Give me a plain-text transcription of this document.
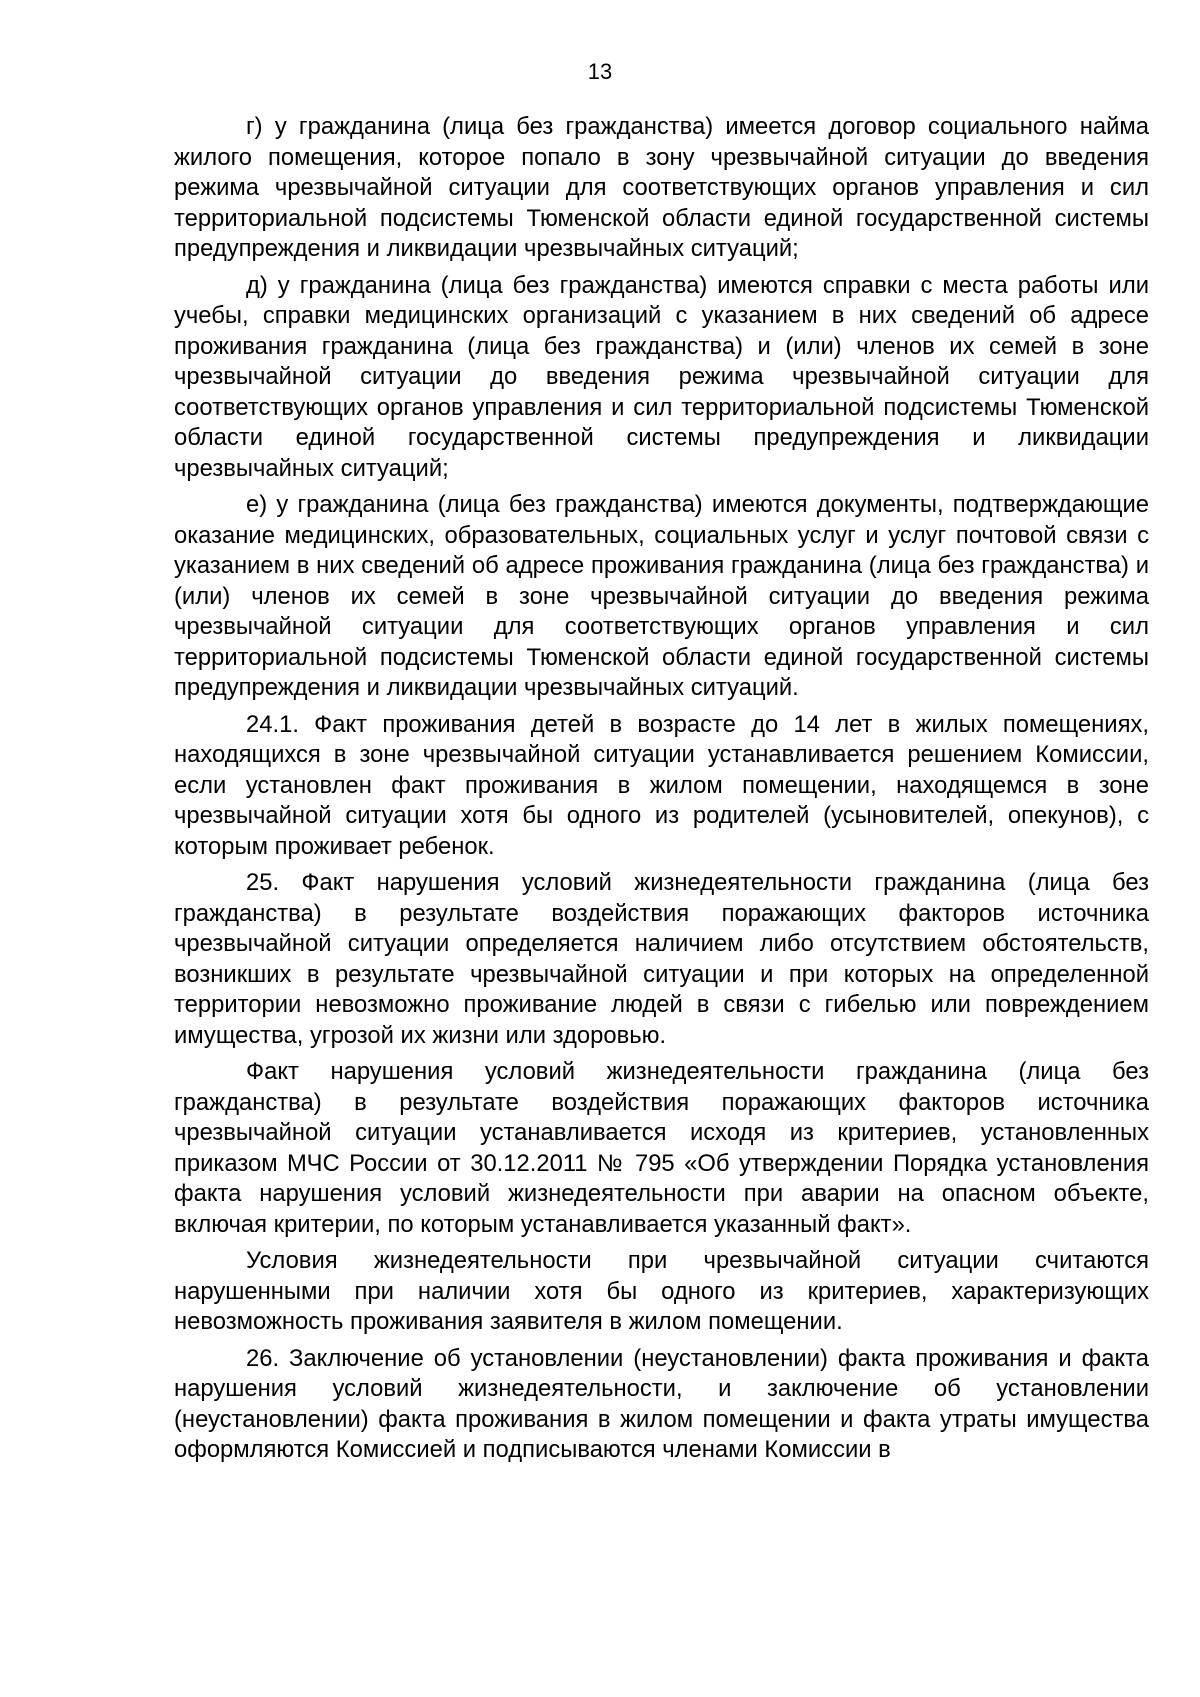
13

г) у гражданина (лица без гражданства) имеется договор социального найма жилого помещения, которое попало в зону чрезвычайной ситуации до введения режима чрезвычайной ситуации для соответствующих органов управления и сил территориальной подсистемы Тюменской области единой государственной системы предупреждения и ликвидации чрезвычайных ситуаций;

д) у гражданина (лица без гражданства) имеются справки с места работы или учебы, справки медицинских организаций с указанием в них сведений об адресе проживания гражданина (лица без гражданства) и (или) членов их семей в зоне чрезвычайной ситуации до введения режима чрезвычайной ситуации для соответствующих органов управления и сил территориальной подсистемы Тюменской области единой государственной системы предупреждения и ликвидации чрезвычайных ситуаций;

е) у гражданина (лица без гражданства) имеются документы, подтверждающие оказание медицинских, образовательных, социальных услуг и услуг почтовой связи с указанием в них сведений об адресе проживания гражданина (лица без гражданства) и (или) членов их семей в зоне чрезвычайной ситуации до введения режима чрезвычайной ситуации для соответствующих органов управления и сил территориальной подсистемы Тюменской области единой государственной системы предупреждения и ликвидации чрезвычайных ситуаций.

24.1. Факт проживания детей в возрасте до 14 лет в жилых помещениях, находящихся в зоне чрезвычайной ситуации устанавливается решением Комиссии, если установлен факт проживания в жилом помещении, находящемся в зоне чрезвычайной ситуации хотя бы одного из родителей (усыновителей, опекунов), с которым проживает ребенок.

25. Факт нарушения условий жизнедеятельности гражданина (лица без гражданства) в результате воздействия поражающих факторов источника чрезвычайной ситуации определяется наличием либо отсутствием обстоятельств, возникших в результате чрезвычайной ситуации и при которых на определенной территории невозможно проживание людей в связи с гибелью или повреждением имущества, угрозой их жизни или здоровью.

Факт нарушения условий жизнедеятельности гражданина (лица без гражданства) в результате воздействия поражающих факторов источника чрезвычайной ситуации устанавливается исходя из критериев, установленных приказом МЧС России от 30.12.2011 № 795 «Об утверждении Порядка установления факта нарушения условий жизнедеятельности при аварии на опасном объекте, включая критерии, по которым устанавливается указанный факт».

Условия жизнедеятельности при чрезвычайной ситуации считаются нарушенными при наличии хотя бы одного из критериев, характеризующих невозможность проживания заявителя в жилом помещении.

26. Заключение об установлении (неустановлении) факта проживания и факта нарушения условий жизнедеятельности, и заключение об установлении (неустановлении) факта проживания в жилом помещении и факта утраты имущества оформляются Комиссией и подписываются членами Комиссии в
